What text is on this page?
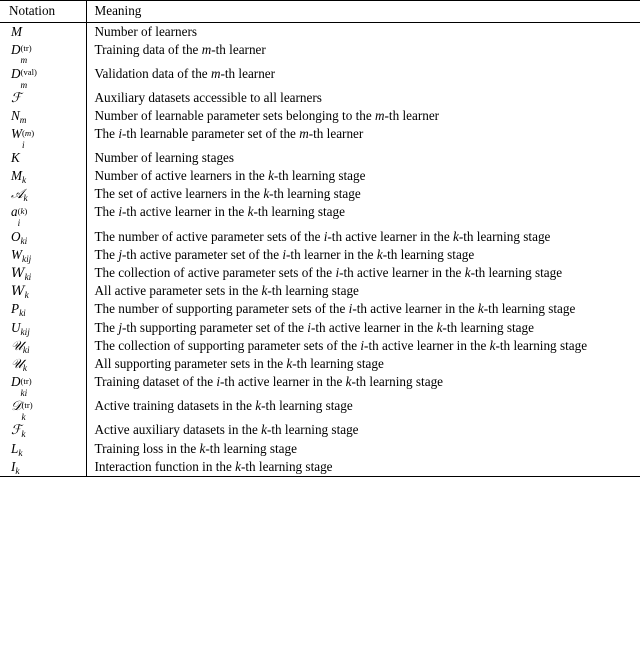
Notation	Meaning
M	Number of learners
D (tr)
m	Training data of the m-th learner
D (val)
m	Validation data of the m-th learner
ℱ	Auxiliary datasets accessible to all learners
$N_m$	Number of learnable parameter sets belonging to the m-th learner
W (m)
i	The i-th learnable parameter set of the m-th learner
K	Number of learning stages
$M_k$	Number of active learners in the k-th learning stage
𝒜$_k$	The set of active learners in the k-th learning stage
a (k)
i	The i-th active learner in the k-th learning stage
$O_{ki}$	The number of active parameter sets of the i-th active learner in the k-th learning stage
$W_{kij}$	The j-th active parameter set of the i-th learner in the k-th learning stage
𝑊$_{ki}$	The collection of active parameter sets of the i-th active learner in the k-th learning stage
𝑊$_k$	All active parameter sets in the k-th learning stage
$P_{ki}$	The number of supporting parameter sets of the i-th active learner in the k-th learning stage
$U_{kij}$	The j-th supporting parameter set of the i-th active learner in the k-th learning stage
𝒰$_{ki}$	The collection of supporting parameter sets of the i-th active learner in the k-th learning stage
𝒰$_k$	All supporting parameter sets in the k-th learning stage
D (tr)
ki	Training dataset of the i-th active learner in the k-th learning stage
𝒟 (tr)
k	Active training datasets in the k-th learning stage
ℱ$_k$	Active auxiliary datasets in the k-th learning stage
$L_k$	Training loss in the k-th learning stage
$I_k$	Interaction function in the k-th learning stage
